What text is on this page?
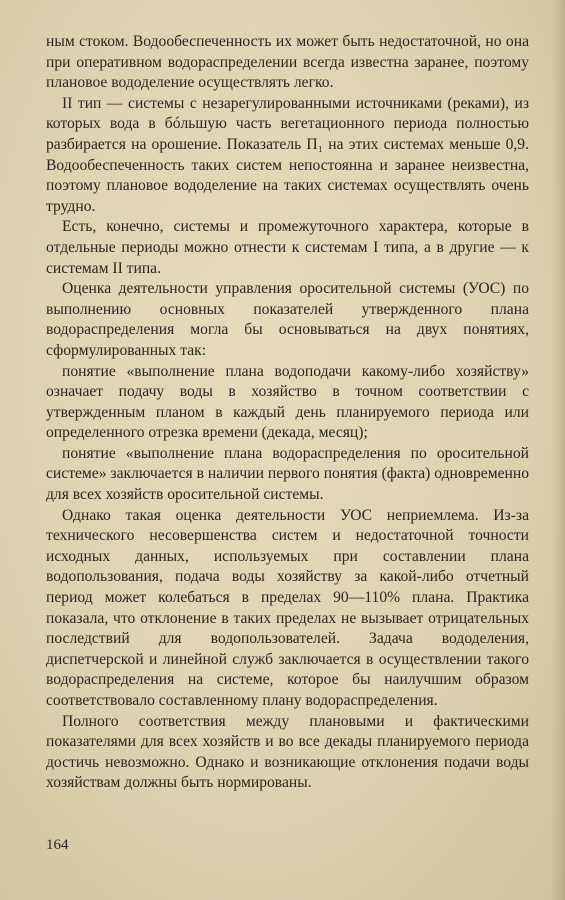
ным стоком. Водообеспеченность их может быть недостаточной, но она при оперативном водораспределении всегда известна заранее, поэтому плановое вододеление осуществлять легко.

II тип — системы с незарегулированными источниками (реками), из которых вода в бóльшую часть вегетационного периода полностью разбирается на орошение. Показатель П₁ на этих системах меньше 0,9. Водообеспеченность таких систем непостоянна и заранее неизвестна, поэтому плановое вододеление на таких системах осуществлять очень трудно.

Есть, конечно, системы и промежуточного характера, которые в отдельные периоды можно отнести к системам I типа, а в другие — к системам II типа.

Оценка деятельности управления оросительной системы (УОС) по выполнению основных показателей утвержденного плана водораспределения могла бы основываться на двух понятиях, сформулированных так:

понятие «выполнение плана водоподачи какому-либо хозяйству» означает подачу воды в хозяйство в точном соответствии с утвержденным планом в каждый день планируемого периода или определенного отрезка времени (декада, месяц);

понятие «выполнение плана водораспределения по оросительной системе» заключается в наличии первого понятия (факта) одновременно для всех хозяйств оросительной системы.

Однако такая оценка деятельности УОС неприемлема. Из-за технического несовершенства систем и недостаточной точности исходных данных, используемых при составлении плана водопользования, подача воды хозяйству за какой-либо отчетный период может колебаться в пределах 90—110% плана. Практика показала, что отклонение в таких пределах не вызывает отрицательных последствий для водопользователей. Задача вододеления, диспетчерской и линейной служб заключается в осуществлении такого водораспределения на системе, которое бы наилучшим образом соответствовало составленному плану водораспределения.

Полного соответствия между плановыми и фактическими показателями для всех хозяйств и во все декады планируемого периода достичь невозможно. Однако и возникающие отклонения подачи воды хозяйствам должны быть нормированы.

164
